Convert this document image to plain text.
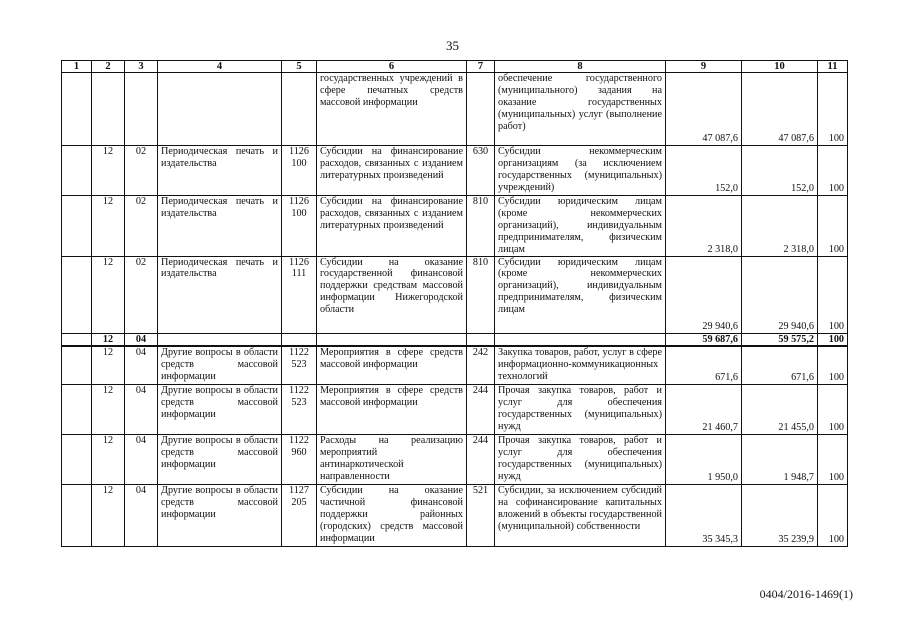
35
1	2	3	4	5	6	7	8	9	10	11
					государственных учреждений в сфере печатных средств массовой информации		обеспечение государственного (муниципального) задания на оказание государственных (муниципальных) услуг (выполнение работ)	47 087,6	47 087,6	100
	12	02	Периодическая печать и издательства	1126 100	Субсидии на финансирование расходов, связанных с изданием литературных произведений	630	Субсидии некоммерческим организациям (за исключением государственных (муниципальных) учреждений)	152,0	152,0	100
	12	02	Периодическая печать и издательства	1126 100	Субсидии на финансирование расходов, связанных с изданием литературных произведений	810	Субсидии юридическим лицам (кроме некоммерческих организаций), индивидуальным предпринимателям, физическим лицам	2 318,0	2 318,0	100
	12	02	Периодическая печать и издательства	1126 111	Субсидии на оказание государственной финансовой поддержки средствам массовой информации Нижегородской области	810	Субсидии юридическим лицам (кроме некоммерческих организаций), индивидуальным предпринимателям, физическим лицам	29 940,6	29 940,6	100
	12	04						59 687,6	59 575,2	100
	12	04	Другие вопросы в области средств массовой информации	1122 523	Мероприятия в сфере средств массовой информации	242	Закупка товаров, работ, услуг в сфере информационно-коммуникационных технологий	671,6	671,6	100
	12	04	Другие вопросы в области средств массовой информации	1122 523	Мероприятия в сфере средств массовой информации	244	Прочая закупка товаров, работ и услуг для обеспечения государственных (муниципальных) нужд	21 460,7	21 455,0	100
	12	04	Другие вопросы в области средств массовой информации	1122 960	Расходы на реализацию мероприятий антинаркотической направленности	244	Прочая закупка товаров, работ и услуг для обеспечения государственных (муниципальных) нужд	1 950,0	1 948,7	100
	12	04	Другие вопросы в области средств массовой информации	1127 205	Субсидии на оказание частичной финансовой поддержки районных (городских) средств массовой информации	521	Субсидии, за исключением субсидий на софинансирование капитальных вложений в объекты государственной (муниципальной) собственности	35 345,3	35 239,9	100
0404/2016-1469(1)
